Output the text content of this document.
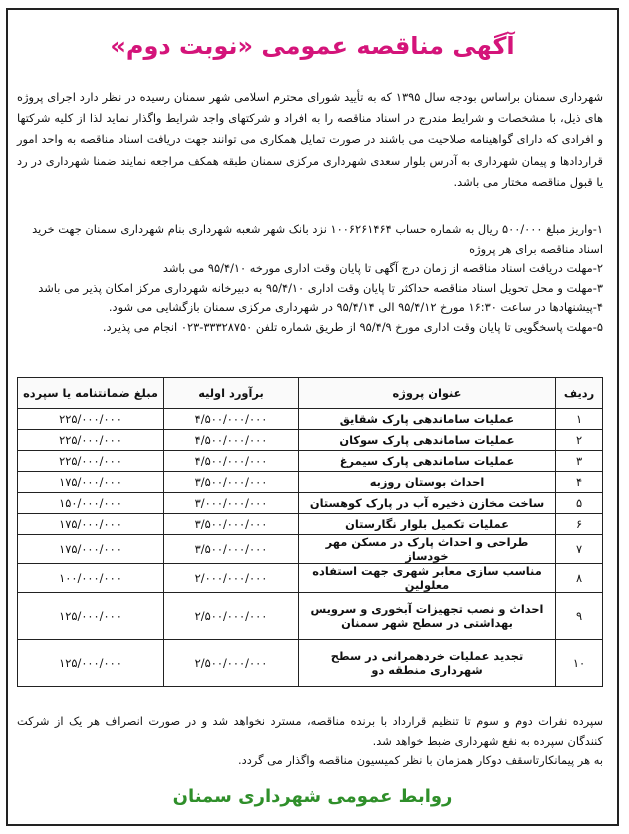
آگهی مناقصه عمومی «نوبت دوم»

شهرداری سمنان براساس بودجه سال ۱۳۹۵ که به تأیید شورای محترم اسلامی شهر سمنان رسیده در نظر دارد اجرای پروژه های ذیل، با مشخصات و شرایط مندرج در اسناد مناقصه را به افراد و شرکتهای واجد شرایط واگذار نماید لذا از کلیه شرکتها و افرادی که دارای گواهینامه صلاحیت می باشند در صورت تمایل همکاری می توانند جهت دریافت اسناد مناقصه به واحد امور قراردادها و پیمان شهرداری به آدرس بلوار سعدی شهرداری مرکزی سمنان طبقه همکف مراجعه نمایند ضمنا شهرداری در رد یا قبول مناقصه مختار می باشد.

۱-واریز مبلغ ۵۰۰/۰۰۰ ریال به شماره حساب ۱۰۰۶۲۶۱۴۶۴ نزد بانک شهر شعبه شهرداری بنام شهرداری سمنان جهت خرید اسناد مناقصه برای هر پروژه
۲-مهلت دریافت اسناد مناقصه از زمان درج آگهی تا پایان وقت اداری مورخه ۹۵/۴/۱۰ می باشد
۳-مهلت و محل تحویل اسناد مناقصه حداکثر تا پایان وقت اداری ۹۵/۴/۱۰ به دبیرخانه شهرداری مرکز امکان پذیر می باشد
۴-پیشنهادها در ساعت ۱۶:۳۰ مورخ ۹۵/۴/۱۲ الی ۹۵/۴/۱۴ در شهرداری مرکزی سمنان بازگشایی می شود.
۵-مهلت پاسخگویی تا پایان وقت اداری مورخ ۹۵/۴/۹ از طریق شماره تلفن ۳۳۳۲۸۷۵۰-۰۲۳ انجام می پذیرد.
ردیف	عنوان پروژه	برآورد اولیه	مبلغ ضمانتنامه یا سپرده
۱	عملیات ساماندهی پارک شقایق	۴/۵۰۰/۰۰۰/۰۰۰	۲۲۵/۰۰۰/۰۰۰
۲	عملیات ساماندهی پارک سوکان	۴/۵۰۰/۰۰۰/۰۰۰	۲۲۵/۰۰۰/۰۰۰
۳	عملیات ساماندهی پارک سیمرغ	۴/۵۰۰/۰۰۰/۰۰۰	۲۲۵/۰۰۰/۰۰۰
۴	احداث بوستان روزبه	۳/۵۰۰/۰۰۰/۰۰۰	۱۷۵/۰۰۰/۰۰۰
۵	ساخت مخازن ذخیره آب در پارک کوهستان	۳/۰۰۰/۰۰۰/۰۰۰	۱۵۰/۰۰۰/۰۰۰
۶	عملیات تکمیل بلوار نگارستان	۳/۵۰۰/۰۰۰/۰۰۰	۱۷۵/۰۰۰/۰۰۰
۷	طراحی و احداث پارک در مسکن مهر خودساز	۳/۵۰۰/۰۰۰/۰۰۰	۱۷۵/۰۰۰/۰۰۰
۸	مناسب سازی معابر شهری جهت استفاده معلولین	۲/۰۰۰/۰۰۰/۰۰۰	۱۰۰/۰۰۰/۰۰۰
۹	احداث و نصب تجهیزات آبخوری و سرویس بهداشتی در سطح شهر سمنان	۲/۵۰۰/۰۰۰/۰۰۰	۱۲۵/۰۰۰/۰۰۰
۱۰	تجدید عملیات خردهمرانی در سطح شهرداری منطقه دو	۲/۵۰۰/۰۰۰/۰۰۰	۱۲۵/۰۰۰/۰۰۰

سپرده نفرات دوم و سوم تا تنظیم قرارداد با برنده مناقصه، مسترد نخواهد شد و در صورت انصراف هر یک از شرکت کنندگان سپرده به نفع شهرداری ضبط خواهد شد.

به هر پیمانکارتاسقف دوکار همزمان با نظر کمیسیون مناقصه واگذار می گردد.

روابط عمومی شهرداری سمنان
